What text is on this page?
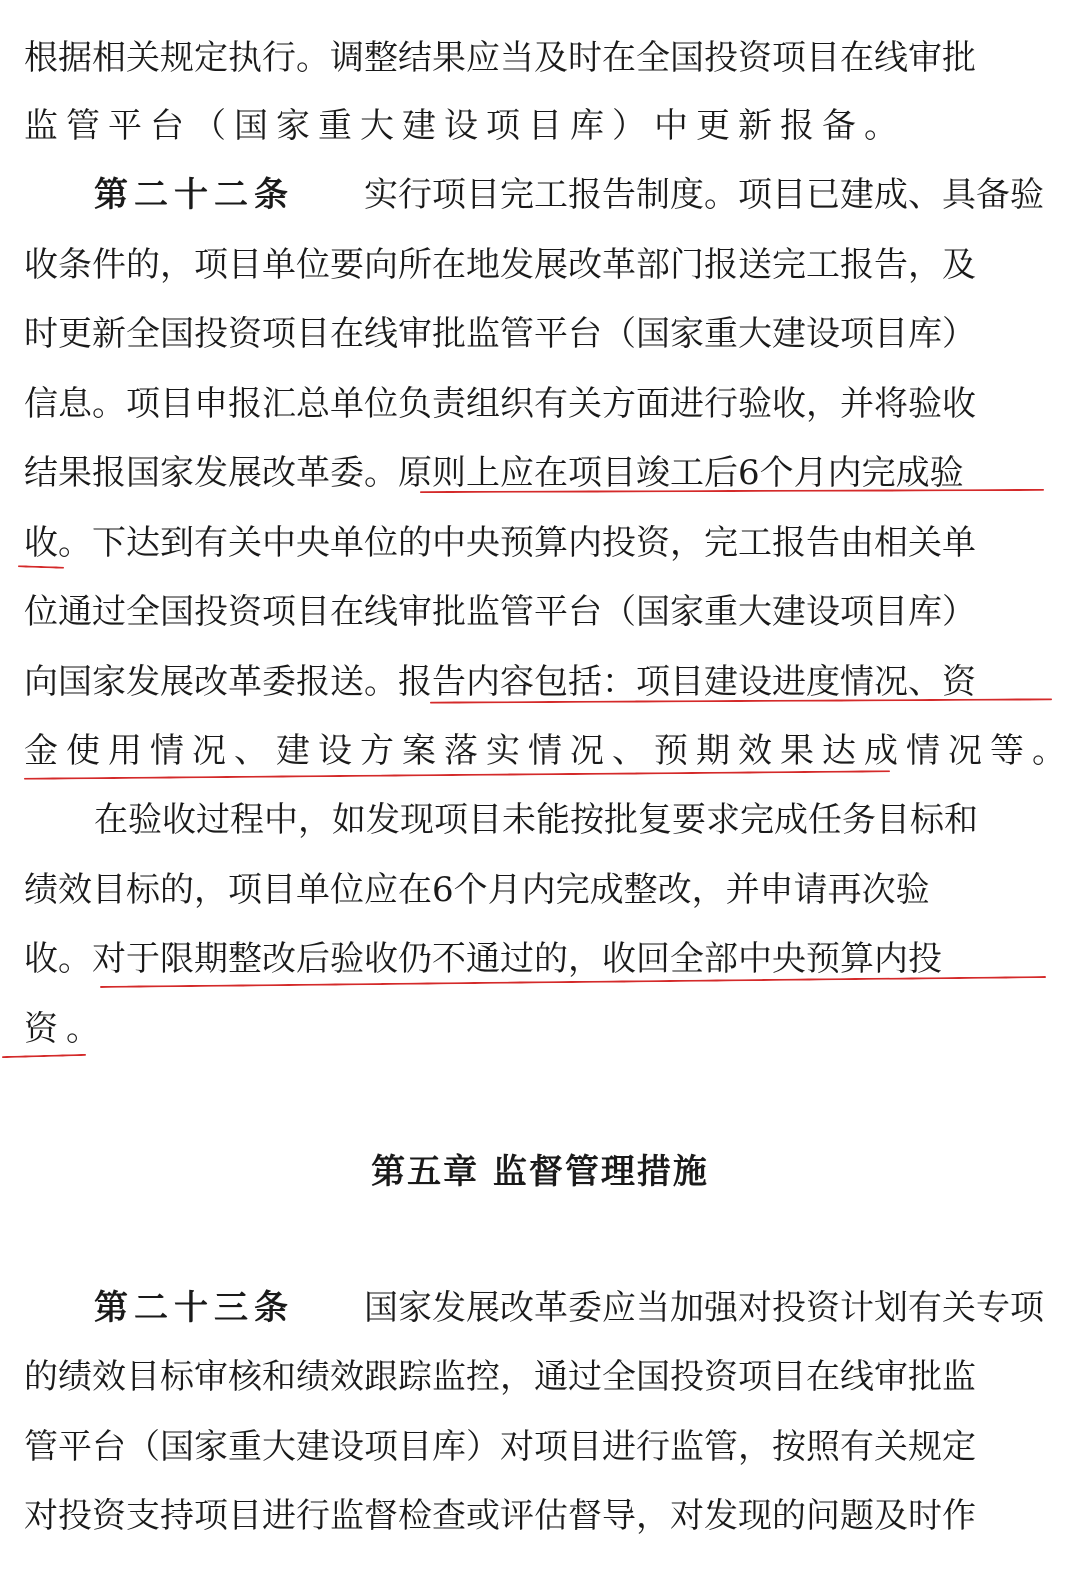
根据相关规定执行。调整结果应当及时在全国投资项目在线审批
监管平台（国家重大建设项目库）中更新报备。
第二十二条 实行项目完工报告制度。项目已建成、具备验
收条件的，项目单位要向所在地发展改革部门报送完工报告，及
时更新全国投资项目在线审批监管平台（国家重大建设项目库）
信息。项目申报汇总单位负责组织有关方面进行验收，并将验收
结果报国家发展改革委。原则上应在项目竣工后6个月内完成验
收。下达到有关中央单位的中央预算内投资，完工报告由相关单
位通过全国投资项目在线审批监管平台（国家重大建设项目库）
向国家发展改革委报送。报告内容包括：项目建设进度情况、资
金使用情况、建设方案落实情况、预期效果达成情况等。
在验收过程中，如发现项目未能按批复要求完成任务目标和
绩效目标的，项目单位应在6个月内完成整改，并申请再次验
收。对于限期整改后验收仍不通过的，收回全部中央预算内投
资。
第五章 监督管理措施
第二十三条 国家发展改革委应当加强对投资计划有关专项
的绩效目标审核和绩效跟踪监控，通过全国投资项目在线审批监
管平台（国家重大建设项目库）对项目进行监管，按照有关规定
对投资支持项目进行监督检查或评估督导，对发现的问题及时作
